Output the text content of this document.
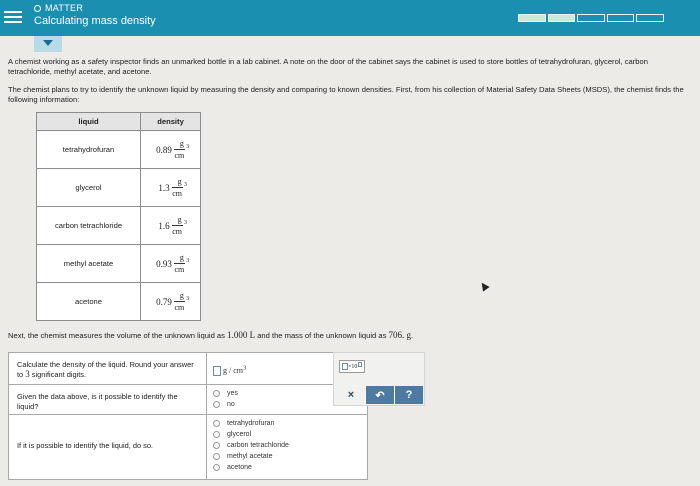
MATTER
Calculating mass density

A chemist working as a safety inspector finds an unmarked bottle in a lab cabinet. A note on the door of the cabinet says the cabinet is used to store bottles of tetrahydrofuran, glycerol, carbon tetrachloride, methyl acetate, and acetone.

The chemist plans to try to identify the unknown liquid by measuring the density and comparing to known densities. First, from his collection of Material Safety Data Sheets (MSDS), the chemist finds the following information:

liquid	density
tetrahydrofuran	0.89 g
cm
3

glycerol	1.3 g
cm
3

carbon tetrachloride	1.6 g
cm
3

methyl acetate	0.93 g
cm
3

acetone	0.79 g
cm
3

Next, the chemist measures the volume of the unknown liquid as 1.000 L and the mass of the unknown liquid as 706. g.

Calculate the density of the liquid. Round your answer to 3 significant digits.	g / $cm^3$
Given the data above, is it possible to identify the liquid?
yes
no
If it is possible to identify the liquid, do so.
tetrahydrofuran
glycerol
carbon tetrachloride
methyl acetate
acetone
×10
×	↶	?
